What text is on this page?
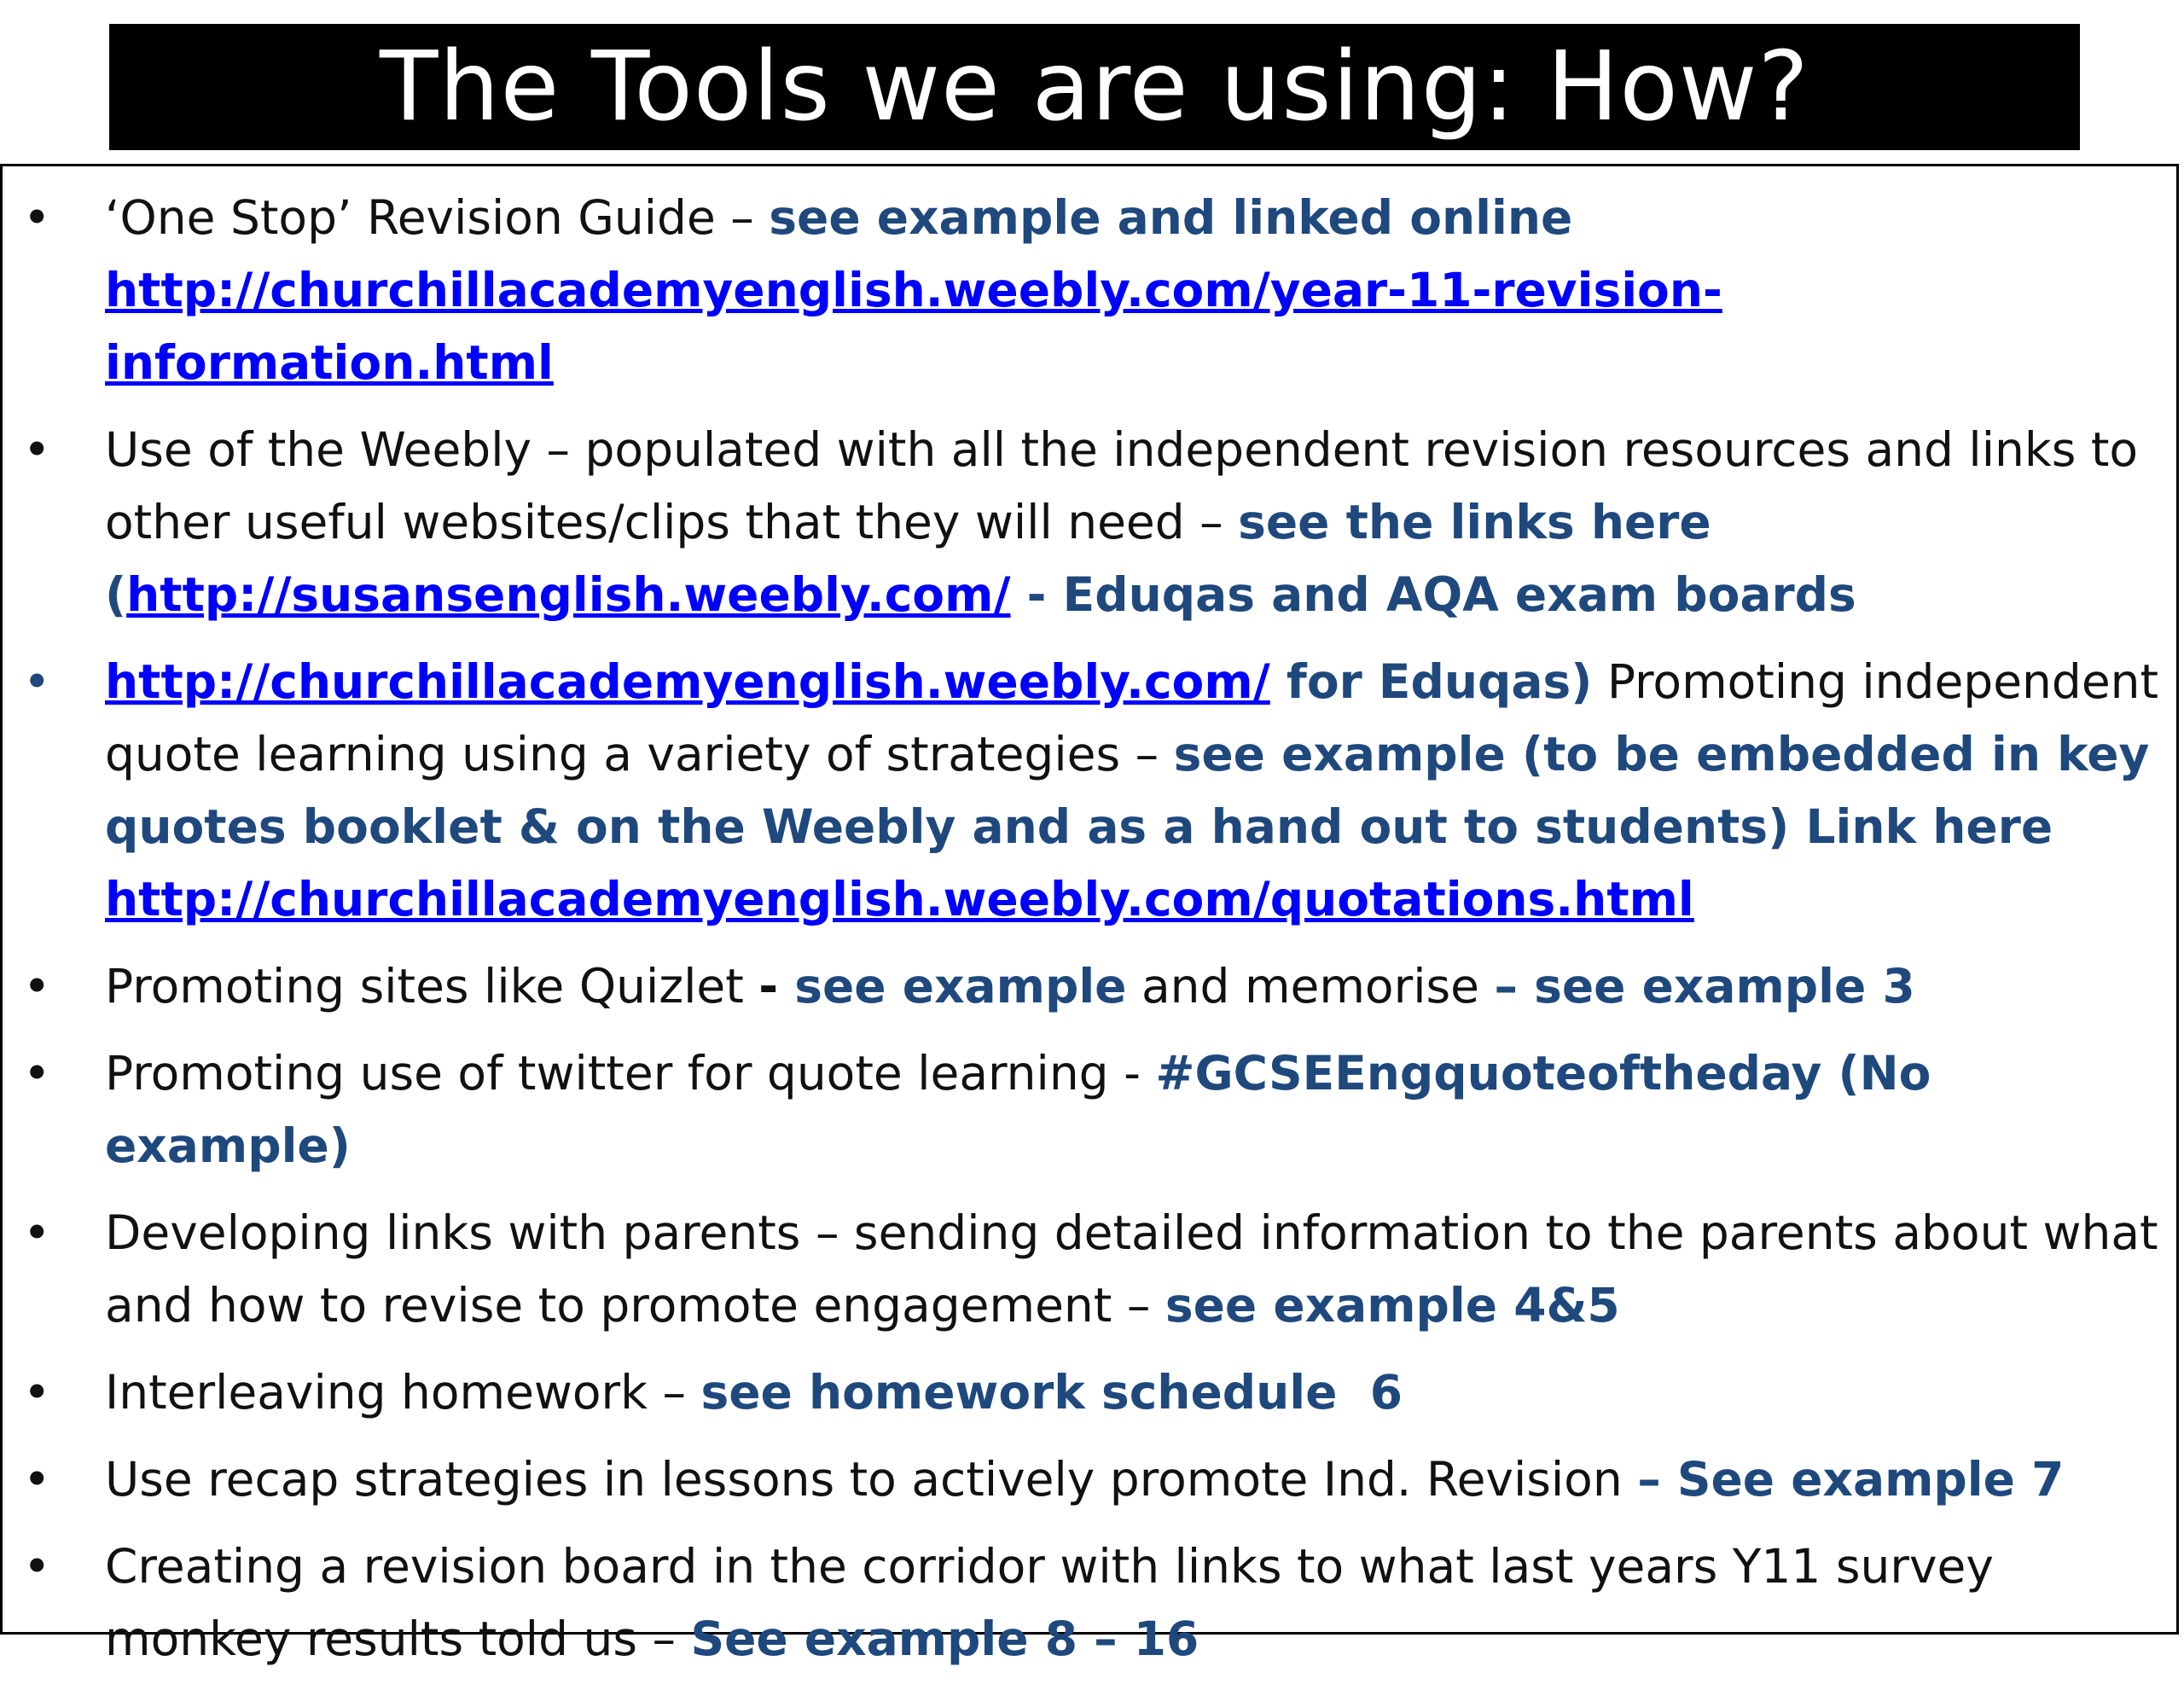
The Tools we are using: How?
• ‘One Stop’ Revision Guide – see example and linked online
http://churchillacademyenglish.weebly.com/year-11-revision-information.html
• Use of the Weebly – populated with all the independent revision resources and links to other useful websites/clips that they will need – see the links here (http://susansenglish.weebly.com/ - Eduqas and AQA exam boards
• http://churchillacademyenglish.weebly.com/ for Eduqas) Promoting independent quote learning using a variety of strategies – see example (to be embedded in key quotes booklet & on the Weebly and as a hand out to students) Link here http://churchillacademyenglish.weebly.com/quotations.html
• Promoting sites like Quizlet - see example and memorise – see example 3
• Promoting use of twitter for quote learning - #GCSEEngquoteoftheday (No example)
• Developing links with parents – sending detailed information to the parents about what and how to revise to promote engagement – see example 4&5
• Interleaving homework – see homework schedule  6
• Use recap strategies in lessons to actively promote Ind. Revision – See example 7
• Creating a revision board in the corridor with links to what last years Y11 survey monkey results told us – See example 8 – 16
